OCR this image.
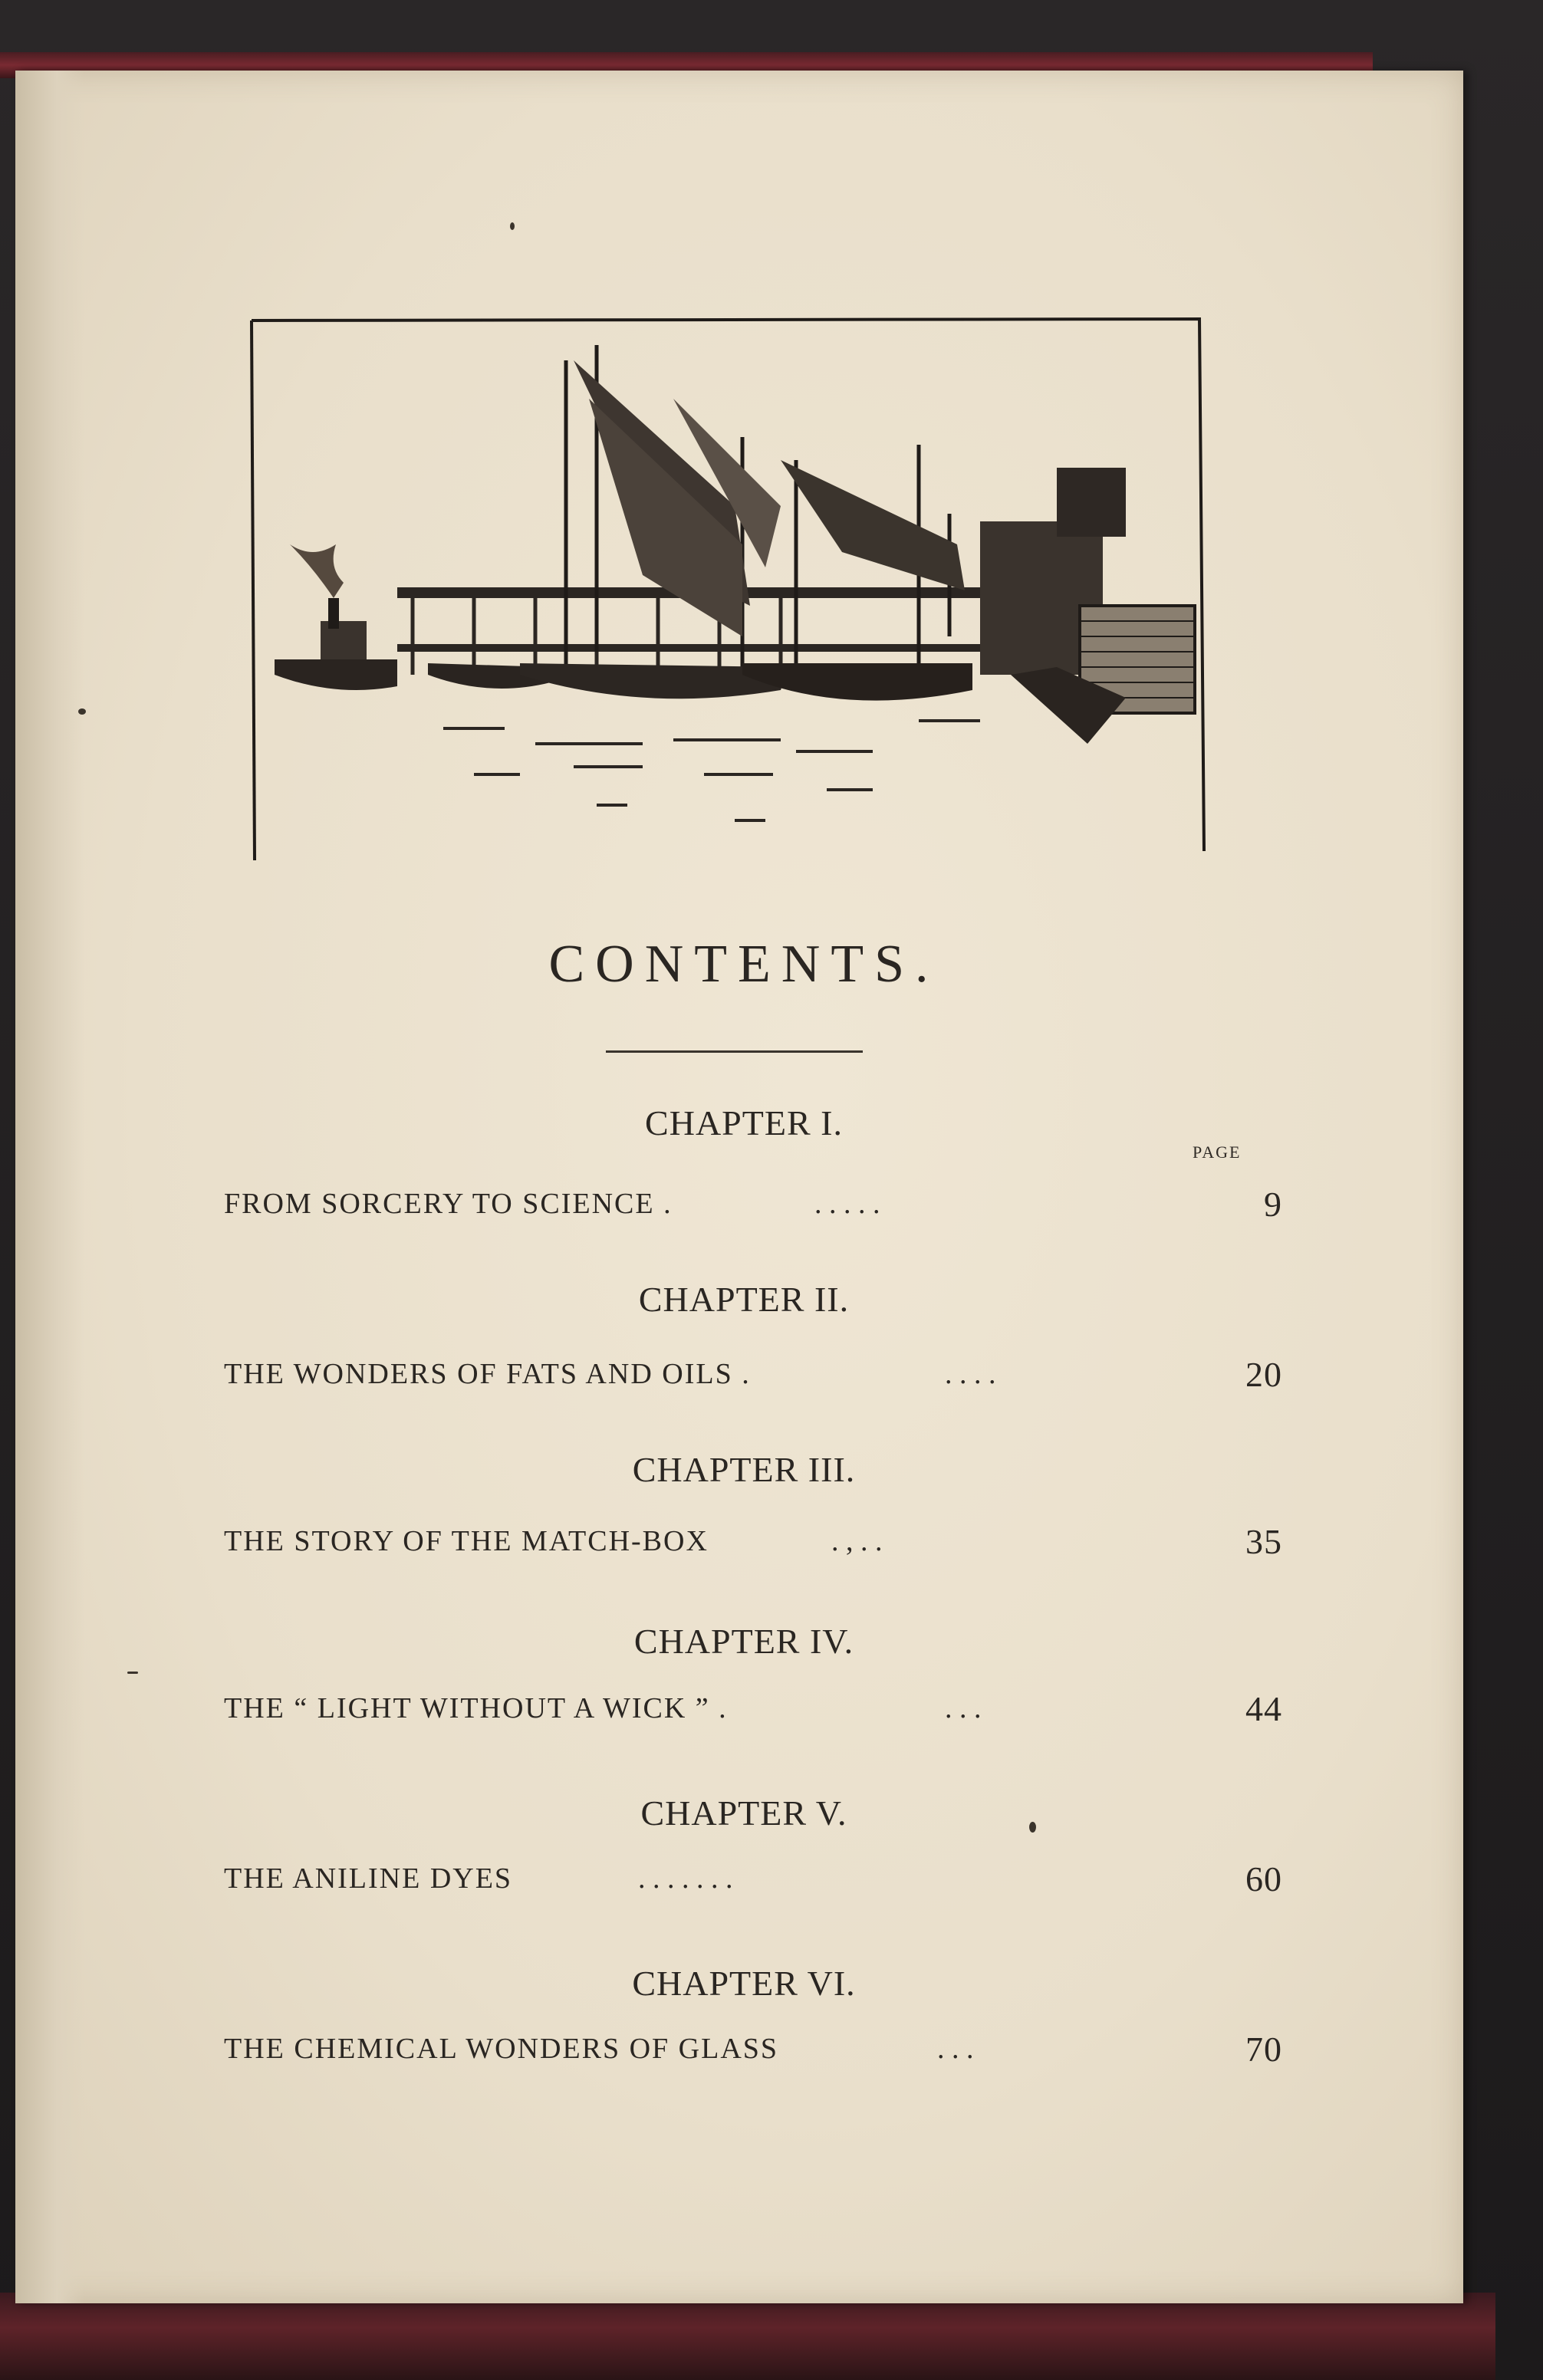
CONTENTS.
PAGE
CHAPTER I.
FROM SORCERY TO SCIENCE .	. . . . .	9
CHAPTER II.
THE WONDERS OF FATS AND OILS .	. . . .	20
CHAPTER III.
THE STORY OF THE MATCH-BOX	. , . .	35
CHAPTER IV.
THE “ LIGHT WITHOUT A WICK ” .	. . .	44
CHAPTER V.
THE ANILINE DYES	. . . . . . .	60
CHAPTER VI.
THE CHEMICAL WONDERS OF GLASS	. . .	70
